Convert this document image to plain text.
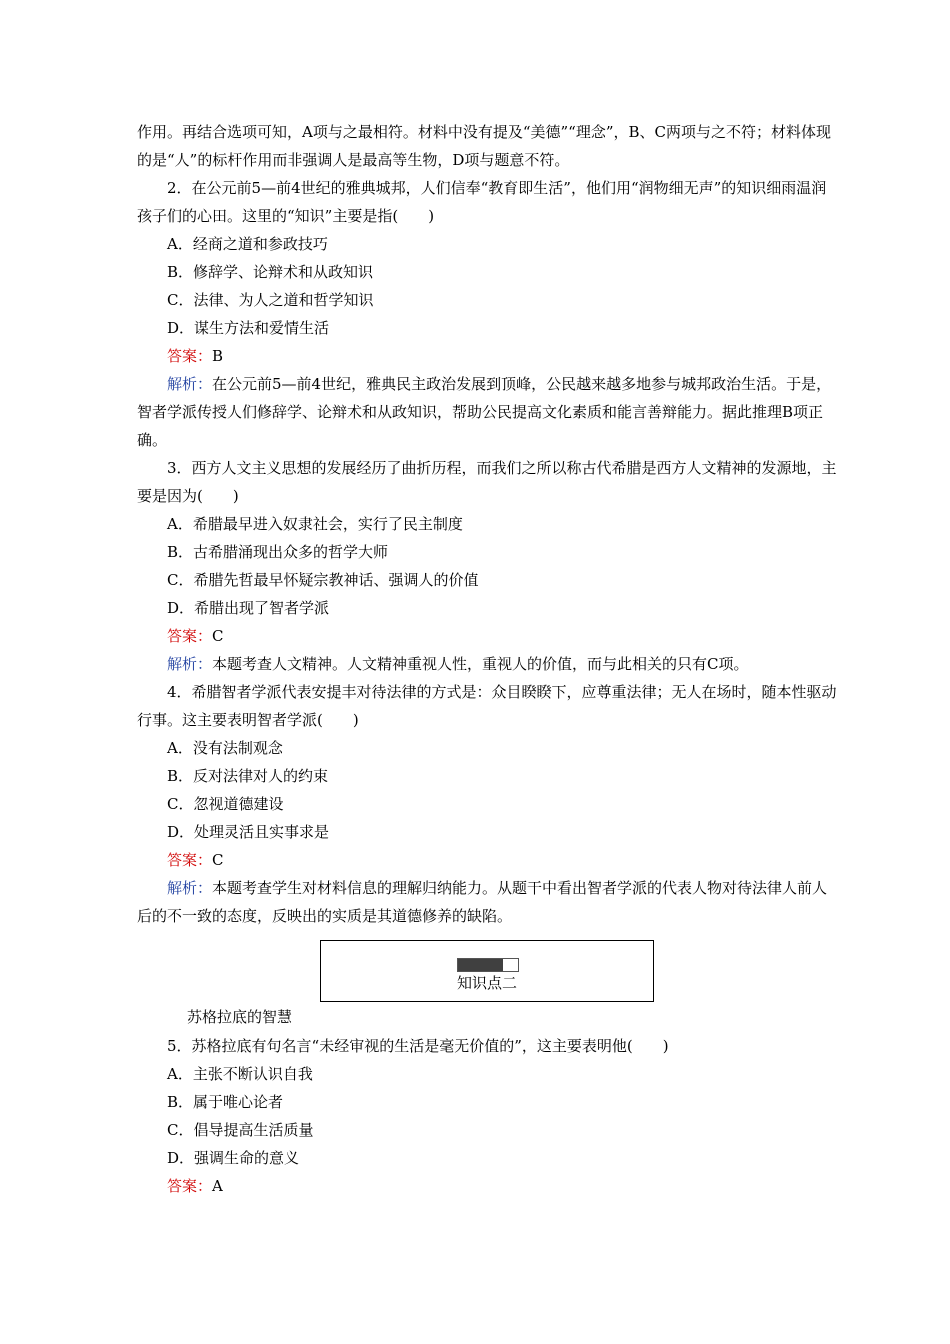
作用。再结合选项可知，A项与之最相符。材料中没有提及“美德”“理念”，B、C两项与之不符；材料体现的是“人”的标杆作用而非强调人是最高等生物，D项与题意不符。

2．在公元前5—前4世纪的雅典城邦，人们信奉“教育即生活”，他们用“润物细无声”的知识细雨温润孩子们的心田。这里的“知识”主要是指(　　)

A．经商之道和参政技巧

B．修辞学、论辩术和从政知识

C．法律、为人之道和哲学知识

D．谋生方法和爱情生活

答案：B

解析：在公元前5—前4世纪，雅典民主政治发展到顶峰，公民越来越多地参与城邦政治生活。于是，智者学派传授人们修辞学、论辩术和从政知识，帮助公民提高文化素质和能言善辩能力。据此推理B项正确。

3．西方人文主义思想的发展经历了曲折历程，而我们之所以称古代希腊是西方人文精神的发源地，主要是因为(　　)

A．希腊最早进入奴隶社会，实行了民主制度

B．古希腊涌现出众多的哲学大师

C．希腊先哲最早怀疑宗教神话、强调人的价值

D．希腊出现了智者学派

答案：C

解析：本题考查人文精神。人文精神重视人性，重视人的价值，而与此相关的只有C项。

4．希腊智者学派代表安提丰对待法律的方式是：众目睽睽下，应尊重法律；无人在场时，随本性驱动行事。这主要表明智者学派(　　)

A．没有法制观念

B．反对法律对人的约束

C．忽视道德建设

D．处理灵活且实事求是

答案：C

解析：本题考查学生对材料信息的理解归纳能力。从题干中看出智者学派的代表人物对待法律人前人后的不一致的态度，反映出的实质是其道德修养的缺陷。

知识点二

苏格拉底的智慧

5．苏格拉底有句名言“未经审视的生活是毫无价值的”，这主要表明他(　　)

A．主张不断认识自我

B．属于唯心论者

C．倡导提高生活质量

D．强调生命的意义

答案：A
